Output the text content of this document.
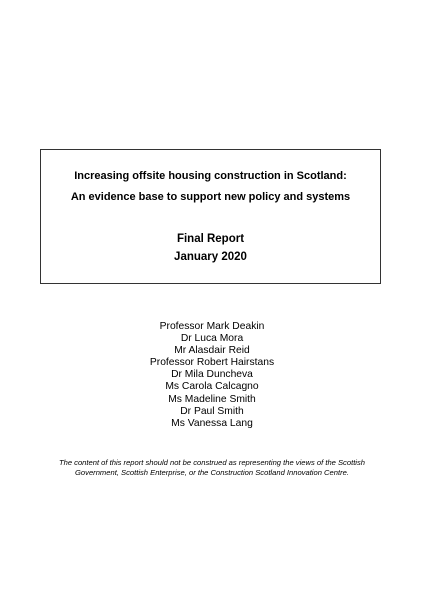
Increasing offsite housing construction in Scotland:
An evidence base to support new policy and systems
Final Report
January 2020
Professor Mark Deakin
Dr Luca Mora
Mr Alasdair Reid
Professor Robert Hairstans
Dr Mila Duncheva
Ms Carola Calcagno
Ms Madeline Smith
Dr Paul Smith
Ms Vanessa Lang
The content of this report should not be construed as representing the views of the Scottish
Government, Scottish Enterprise, or the Construction Scotland Innovation Centre.
